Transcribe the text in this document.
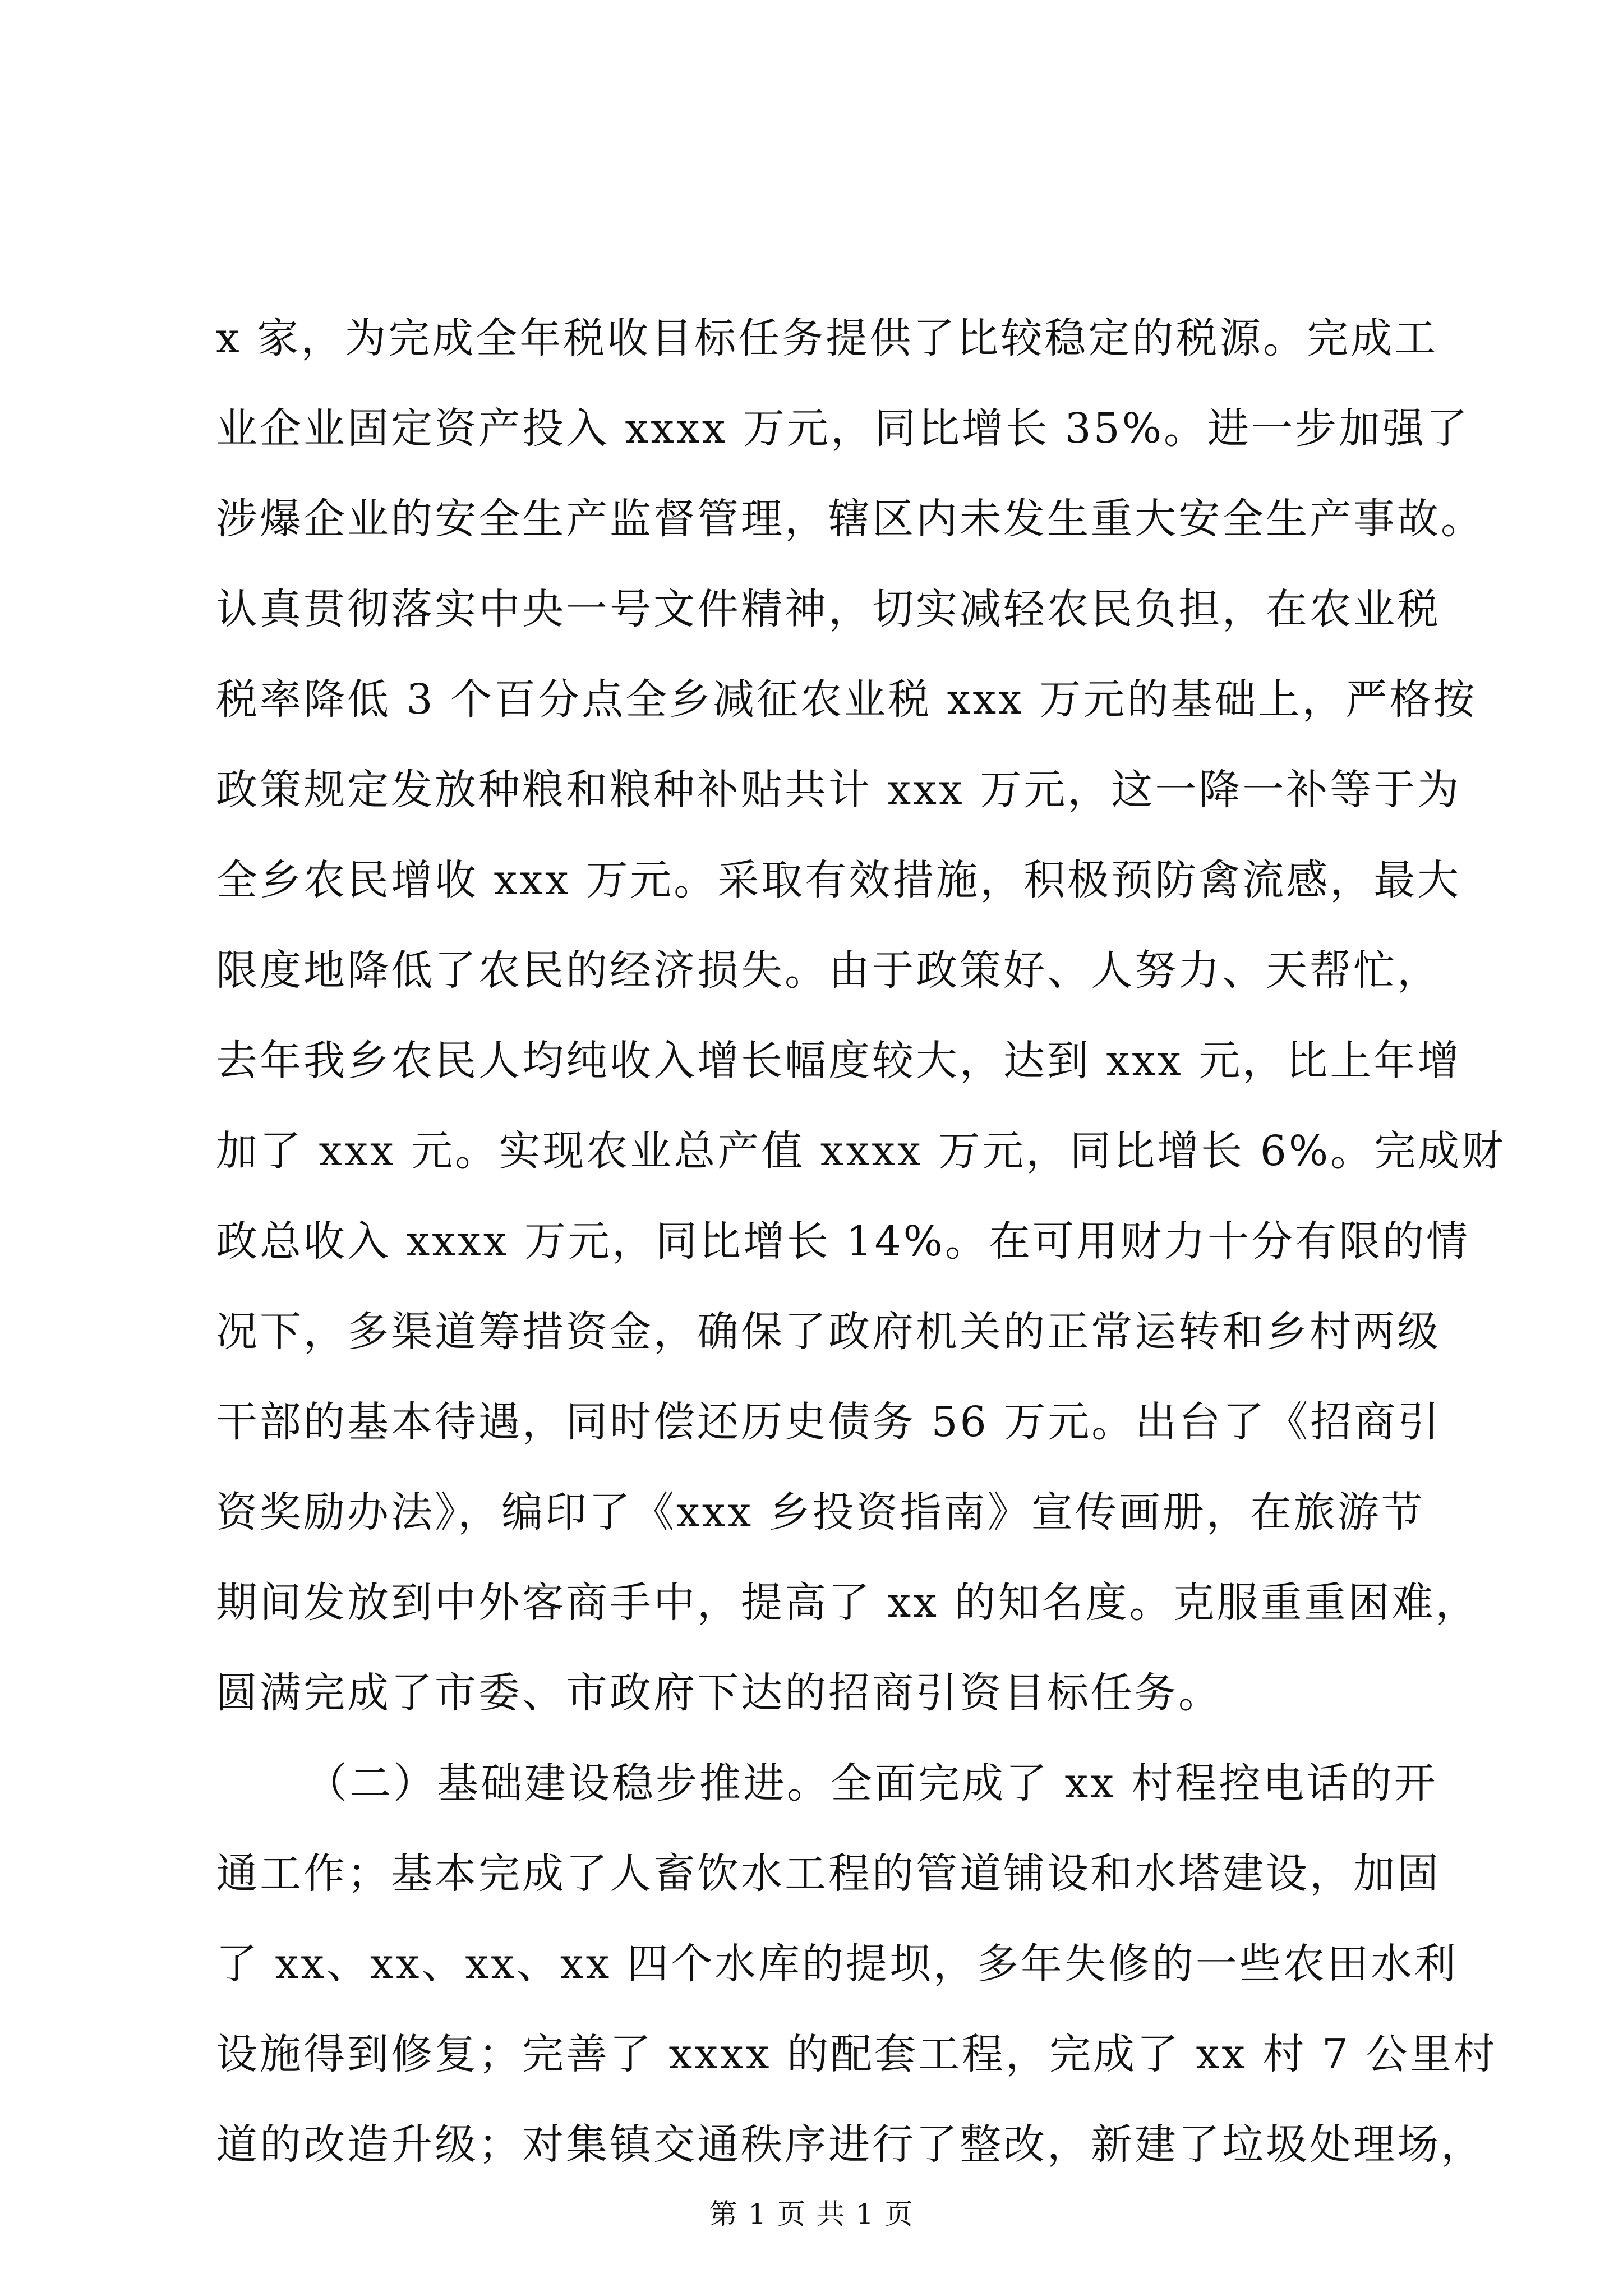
x 家，为完成全年税收目标任务提供了比较稳定的税源。完成工
业企业固定资产投入 xxxx 万元，同比增长 35%。进一步加强了
涉爆企业的安全生产监督管理，辖区内未发生重大安全生产事故。
认真贯彻落实中央一号文件精神，切实减轻农民负担，在农业税
税率降低 3 个百分点全乡减征农业税 xxx 万元的基础上，严格按
政策规定发放种粮和粮种补贴共计 xxx 万元，这一降一补等于为
全乡农民增收 xxx 万元。采取有效措施，积极预防禽流感，最大
限度地降低了农民的经济损失。由于政策好、人努力、天帮忙，
去年我乡农民人均纯收入增长幅度较大，达到 xxx 元，比上年增
加了 xxx 元。实现农业总产值 xxxx 万元，同比增长 6%。完成财
政总收入 xxxx 万元，同比增长 14%。在可用财力十分有限的情
况下，多渠道筹措资金，确保了政府机关的正常运转和乡村两级
干部的基本待遇，同时偿还历史债务 56 万元。出台了《招商引
资奖励办法》，编印了《xxx 乡投资指南》宣传画册，在旅游节
期间发放到中外客商手中，提高了 xx 的知名度。克服重重困难，
圆满完成了市委、市政府下达的招商引资目标任务。
（二）基础建设稳步推进。全面完成了 xx 村程控电话的开
通工作；基本完成了人畜饮水工程的管道铺设和水塔建设，加固
了 xx、xx、xx、xx 四个水库的提坝，多年失修的一些农田水利
设施得到修复；完善了 xxxx 的配套工程，完成了 xx 村 7 公里村
道的改造升级；对集镇交通秩序进行了整改，新建了垃圾处理场，
第 1 页 共 1 页
